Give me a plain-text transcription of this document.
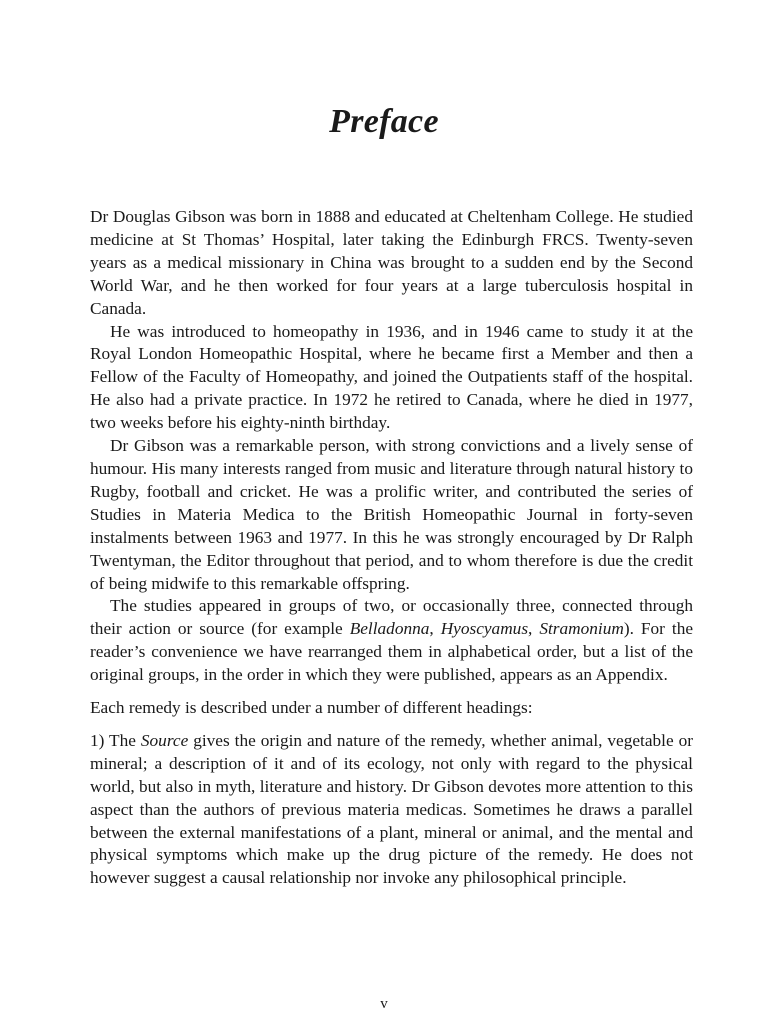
Preface

Dr Douglas Gibson was born in 1888 and educated at Cheltenham College. He studied medicine at St Thomas’ Hospital, later taking the Edinburgh FRCS. Twenty-seven years as a medical missionary in China was brought to a sudden end by the Second World War, and he then worked for four years at a large tuberculosis hospital in Canada.

He was introduced to homeopathy in 1936, and in 1946 came to study it at the Royal London Homeopathic Hospital, where he became first a Member and then a Fellow of the Faculty of Homeopathy, and joined the Outpatients staff of the hospital. He also had a private practice. In 1972 he retired to Canada, where he died in 1977, two weeks before his eighty-ninth birthday.

Dr Gibson was a remarkable person, with strong convictions and a lively sense of humour. His many interests ranged from music and literature through natural history to Rugby, football and cricket. He was a prolific writer, and contributed the series of Studies in Materia Medica to the British Homeopathic Journal in forty-seven instalments between 1963 and 1977. In this he was strongly encouraged by Dr Ralph Twentyman, the Editor throughout that period, and to whom therefore is due the credit of being midwife to this remarkable offspring.

The studies appeared in groups of two, or occasionally three, connected through their action or source (for example Belladonna, Hyoscyamus, Stramonium). For the reader’s convenience we have rearranged them in alphabetical order, but a list of the original groups, in the order in which they were published, appears as an Appendix.

Each remedy is described under a number of different headings:

1) The Source gives the origin and nature of the remedy, whether animal, vegetable or mineral; a description of it and of its ecology, not only with regard to the physical world, but also in myth, literature and history. Dr Gibson devotes more attention to this aspect than the authors of previous materia medicas. Sometimes he draws a parallel between the external manifestations of a plant, mineral or animal, and the mental and physical symptoms which make up the drug picture of the remedy. He does not however suggest a causal relationship nor invoke any philosophical principle.

v
